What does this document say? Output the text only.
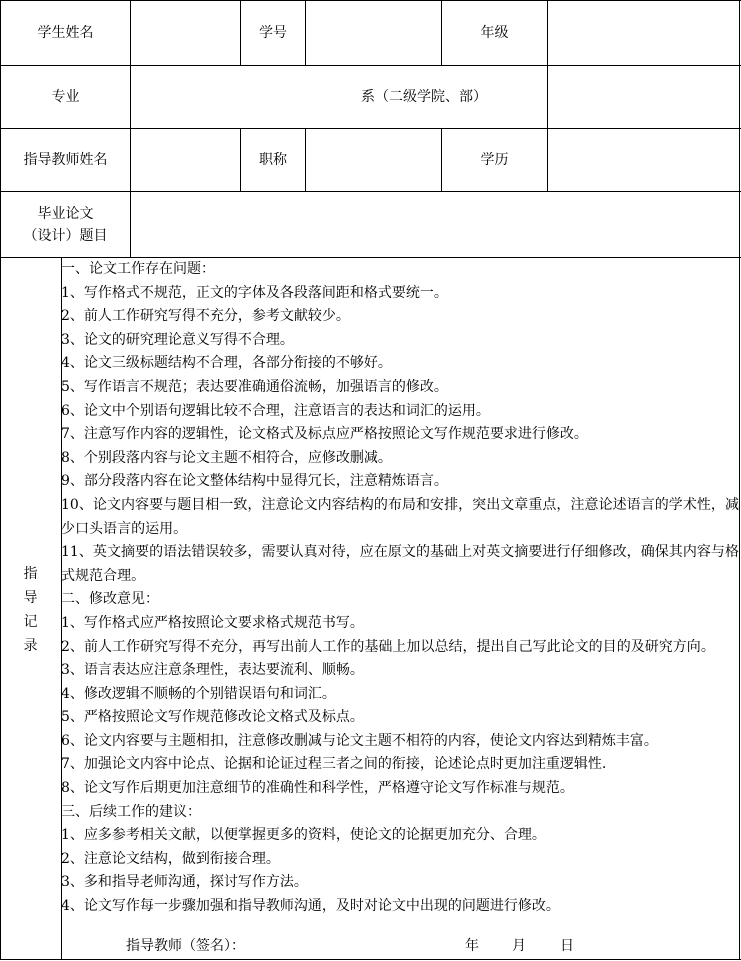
学生姓名	学号	年级
专业	系（二级学院、部）
指导教师姓名	职称	学历
毕业论文
（设计）题目
指
导
记
录
一、论文工作存在问题：
1、写作格式不规范，正文的字体及各段落间距和格式要统一。
2、前人工作研究写得不充分，参考文献较少。
3、论文的研究理论意义写得不合理。
4、论文三级标题结构不合理，各部分衔接的不够好。
5、写作语言不规范；表达要准确通俗流畅，加强语言的修改。
6、论文中个别语句逻辑比较不合理，注意语言的表达和词汇的运用。
7、注意写作内容的逻辑性，论文格式及标点应严格按照论文写作规范要求进行修改。
8、个别段落内容与论文主题不相符合，应修改删减。
9、部分段落内容在论文整体结构中显得冗长，注意精炼语言。
10、论文内容要与题目相一致，注意论文内容结构的布局和安排，突出文章重点，注意论述语言的学术性，减少口头语言的运用。
11、英文摘要的语法错误较多，需要认真对待，应在原文的基础上对英文摘要进行仔细修改，确保其内容与格式规范合理。
二、修改意见：
1、写作格式应严格按照论文要求格式规范书写。
2、前人工作研究写得不充分，再写出前人工作的基础上加以总结，提出自己写此论文的目的及研究方向。
3、语言表达应注意条理性，表达要流利、顺畅。
4、修改逻辑不顺畅的个别错误语句和词汇。
5、严格按照论文写作规范修改论文格式及标点。
6、论文内容要与主题相扣，注意修改删减与论文主题不相符的内容，使论文内容达到精炼丰富。
7、加强论文内容中论点、论据和论证过程三者之间的衔接，论述论点时更加注重逻辑性.
8、论文写作后期更加注意细节的准确性和科学性，严格遵守论文写作标准与规范。
三、后续工作的建议：
1、应多参考相关文献，以便掌握更多的资料，使论文的论据更加充分、合理。
2、注意论文结构，做到衔接合理。
3、多和指导老师沟通，探讨写作方法。
4、论文写作每一步骤加强和指导教师沟通，及时对论文中出现的问题进行修改。
指导教师（签名）：	年 月 日
